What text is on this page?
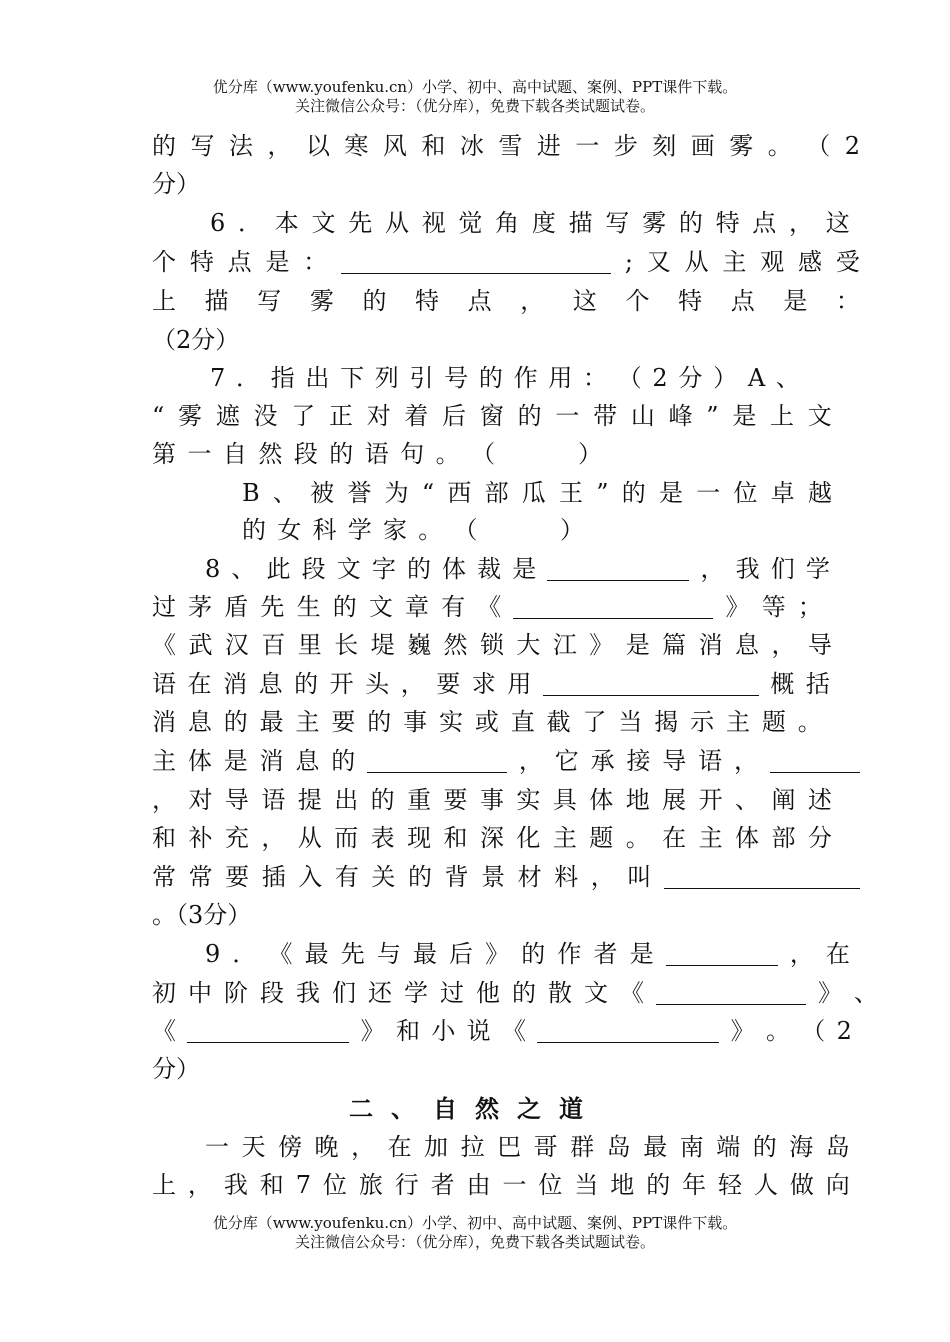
优分库（www.youfenku.cn）小学、初中、高中试题、案例、PPT课件下载。
关注微信公众号：（优分库），免费下载各类试题试卷。
的 写 法 ， 以 寒 风 和 冰 雪 进 一 步 刻 画 雾 。 （ 2
分）
6 ． 本 文 先 从 视 觉 角 度 描 写 雾 的 特 点 ， 这
个 特 点 是 ：	; 又 从 主 观 感 受
上 描 写 雾 的 特 点 ， 这 个 特 点 是 ：
（2分）
7 ． 指 出 下 列 引 号 的 作 用 ： （ 2 分 ） A 、
“ 雾 遮 没 了 正 对 着 后 窗 的 一 带 山 峰 ” 是 上 文
第 一 自 然 段 的 语 句 。 （	）
B 、 被 誉 为 “ 西 部 瓜 王 ” 的 是 一 位 卓 越
的 女 科 学 家 。 （	）
8 、 此 段 文 字 的 体 裁 是	， 我 们 学
过 茅 盾 先 生 的 文 章 有 《	》 等 ；
《 武 汉 百 里 长 堤 巍 然 锁 大 江 》 是 篇 消 息 ， 导
语 在 消 息 的 开 头 ， 要 求 用	概 括
消 息 的 最 主 要 的 事 实 或 直 截 了 当 揭 示 主 题 。
主 体 是 消 息 的	， 它 承 接 导 语 ，
， 对 导 语 提 出 的 重 要 事 实 具 体 地 展 开 、 阐 述
和 补 充 ， 从 而 表 现 和 深 化 主 题 。 在 主 体 部 分
常 常 要 插 入 有 关 的 背 景 材 料 ， 叫
。（3分）
9 ． 《 最 先 与 最 后 》 的 作 者 是	， 在
初 中 阶 段 我 们 还 学 过 他 的 散 文 《	》 、
《	》 和 小 说 《	》 。 （ 2
分）
二、自然之道
一 天 傍 晚 ， 在 加 拉 巴 哥 群 岛 最 南 端 的 海 岛
上 ， 我 和 7 位 旅 行 者 由 一 位 当 地 的 年 轻 人 做 向
优分库（www.youfenku.cn）小学、初中、高中试题、案例、PPT课件下载。
关注微信公众号：（优分库），免费下载各类试题试卷。
